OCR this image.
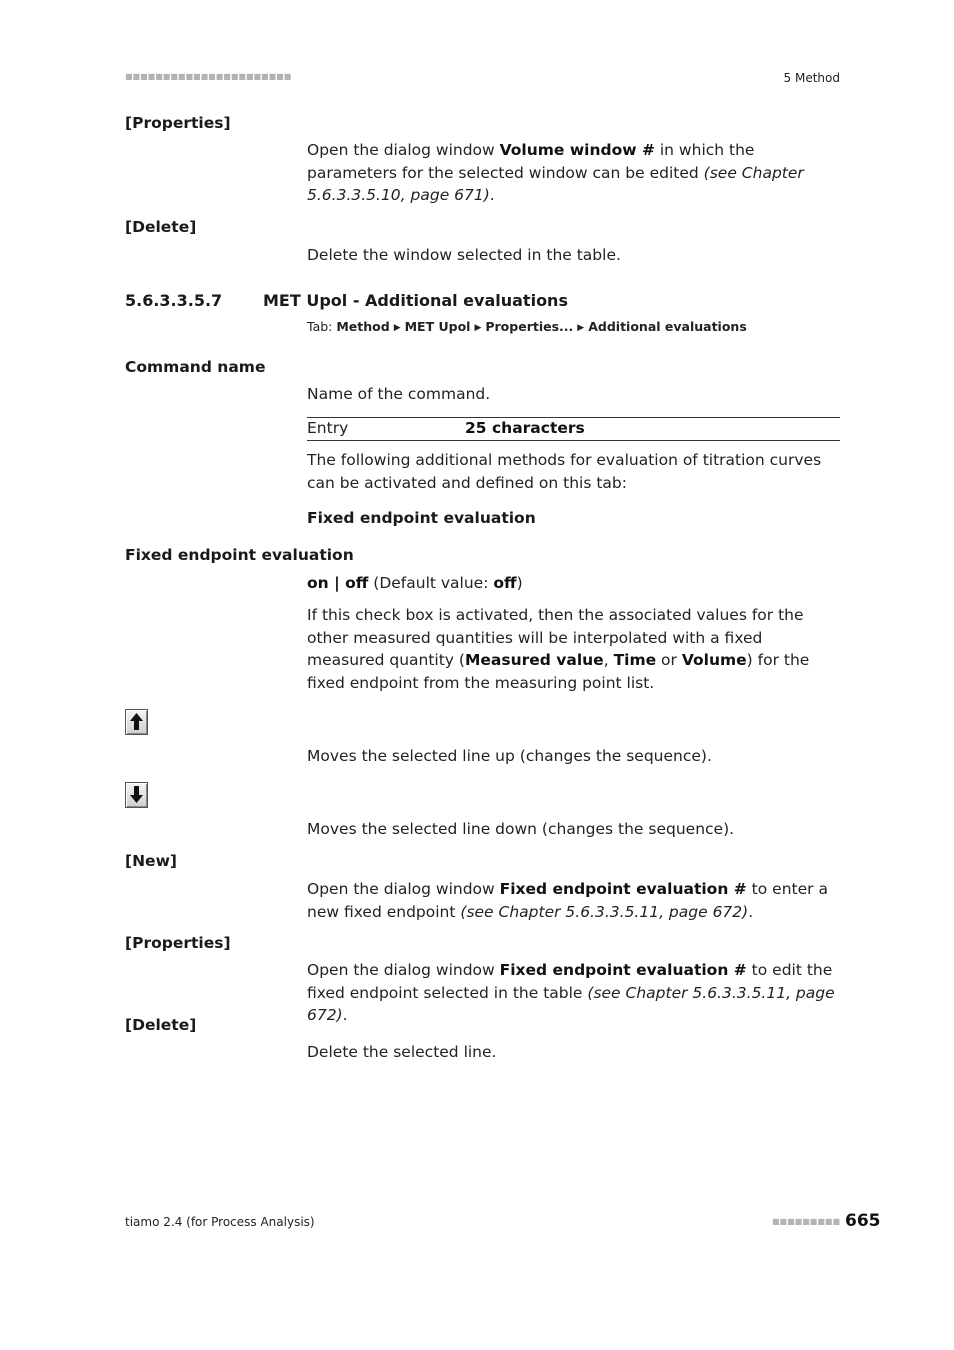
■■■■■■■■■■■■■■■■■■■■■■	5 Method
[Properties]
Open the dialog window Volume window # in which the parameters for the selected window can be edited (see Chapter 5.6.3.3.5.10, page 671).
[Delete]
Delete the window selected in the table.
5.6.3.3.5.7	MET Upol - Additional evaluations
Tab: Method ▶ MET Upol ▶ Properties... ▶ Additional evaluations
Command name
Name of the command.
Entry	25 characters
The following additional methods for evaluation of titration curves can be activated and defined on this tab:
Fixed endpoint evaluation
Fixed endpoint evaluation
on | off (Default value: off)
If this check box is activated, then the associated values for the other measured quantities will be interpolated with a fixed measured quantity (Measured value, Time or Volume) for the fixed endpoint from the measuring point list.
Moves the selected line up (changes the sequence).
Moves the selected line down (changes the sequence).
[New]
Open the dialog window Fixed endpoint evaluation # to enter a new fixed endpoint (see Chapter 5.6.3.3.5.11, page 672).
[Properties]
Open the dialog window Fixed endpoint evaluation # to edit the fixed endpoint selected in the table (see Chapter 5.6.3.3.5.11, page 672).
[Delete]
Delete the selected line.
tiamo 2.4 (for Process Analysis)	■■■■■■■■■ 665
